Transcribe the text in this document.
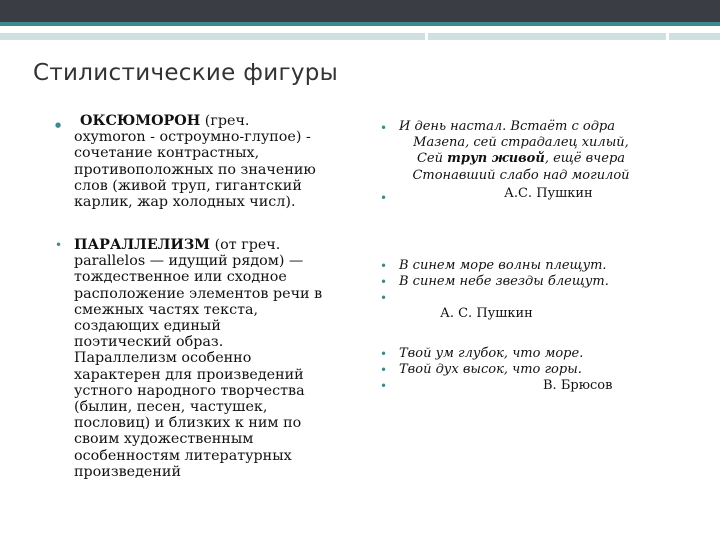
Стилистические фигуры
●	ОКСЮМОРОН (греч.
oxymoron - остроумно-глупое) -
сочетание контрастных,
противоположных по значению
слов (живой труп, гигантский
карлик, жар холодных числ).
• ПАРАЛЛЕЛИЗМ (от греч.
parallelos — идущий рядом) —
тождественное или сходное
расположение элементов речи в
смежных частях текста,
создающих единый
поэтический образ.
Параллелизм особенно
характерен для произведений
устного народного творчества
(былин, песен, частушек,
пословиц) и близких к ним по
своим художественным
особенностям литературных
произведений
• И день настал. Встаёт с одра
Мазепа, сей страдалец хилый,
Сей труп живой, ещё вчера
Стонавший слабо над могилой
•	А.С. Пушкин
• В синем море волны плещут.
• В синем небе звезды блещут.
•
А. С. Пушкин
• Твой ум глубок, что море.
• Твой дух высок, что горы.
•	В. Брюсов
